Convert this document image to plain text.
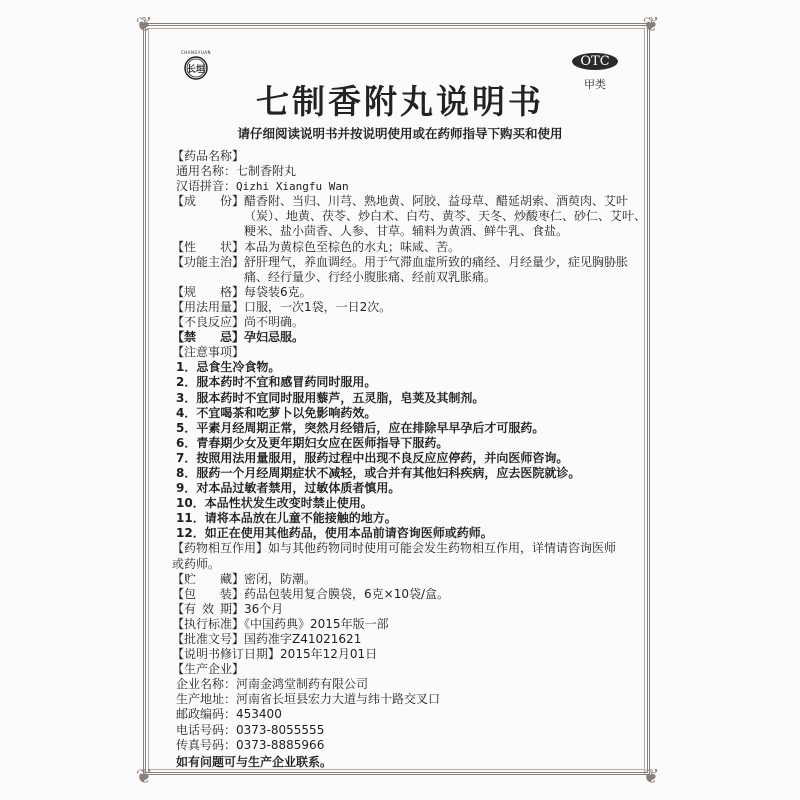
❦	❦
❦	❦
长垣
CHANGYUAN
OTC
甲类
七制香附丸说明书
请仔细阅读说明书并按说明使用或在药师指导下购买和使用
【药品名称】
通用名称：七制香附丸
汉语拼音：Qizhi Xiangfu Wan
【成份】醋香附、当归、川芎、熟地黄、阿胶、益母草、醋延胡索、酒萸肉、艾叶
（炭）、地黄、茯苓、炒白术、白芍、黄芩、天冬、炒酸枣仁、砂仁、艾叶、
粳米、盐小茴香、人参、甘草。辅料为黄酒、鲜牛乳、食盐。
【性状】本品为黄棕色至棕色的水丸；味咸、苦。
【功能主治】舒肝理气，养血调经。用于气滞血虚所致的痛经、月经量少，症见胸胁胀
痛、经行量少、行经小腹胀痛、经前双乳胀痛。
【规格】每袋装6克。
【用法用量】口服，一次1袋，一日2次。
【不良反应】尚不明确。
【禁忌】孕妇忌服。
【注意事项】
1．忌食生冷食物。
2．服本药时不宜和感冒药同时服用。
3．服本药时不宜同时服用藜芦，五灵脂，皂荚及其制剂。
4．不宜喝茶和吃萝卜以免影响药效。
5．平素月经周期正常，突然月经错后，应在排除早早孕后才可服药。
6．青春期少女及更年期妇女应在医师指导下服药。
7．按照用法用量服用，服药过程中出现不良反应应停药，并向医师咨询。
8．服药一个月经周期症状不减轻，或合并有其他妇科疾病，应去医院就诊。
9．对本品过敏者禁用，过敏体质者慎用。
10．本品性状发生改变时禁止使用。
11．请将本品放在儿童不能接触的地方。
12．如正在使用其他药品，使用本品前请咨询医师或药师。
【药物相互作用】如与其他药物同时使用可能会发生药物相互作用，详情请咨询医师
或药师。
【贮藏】密闭，防潮。
【包装】药品包装用复合膜袋，6克×10袋/盒。
【有效期】36个月
【执行标准】《中国药典》2015年版一部
【批准文号】国药准字Z41021621
【说明书修订日期】2015年12月01日
【生产企业】
企业名称：河南金鸿堂制药有限公司
生产地址：河南省长垣县宏力大道与纬十路交叉口
邮政编码：453400
电话号码：0373-8055555
传真号码：0373-8885966
如有问题可与生产企业联系。
